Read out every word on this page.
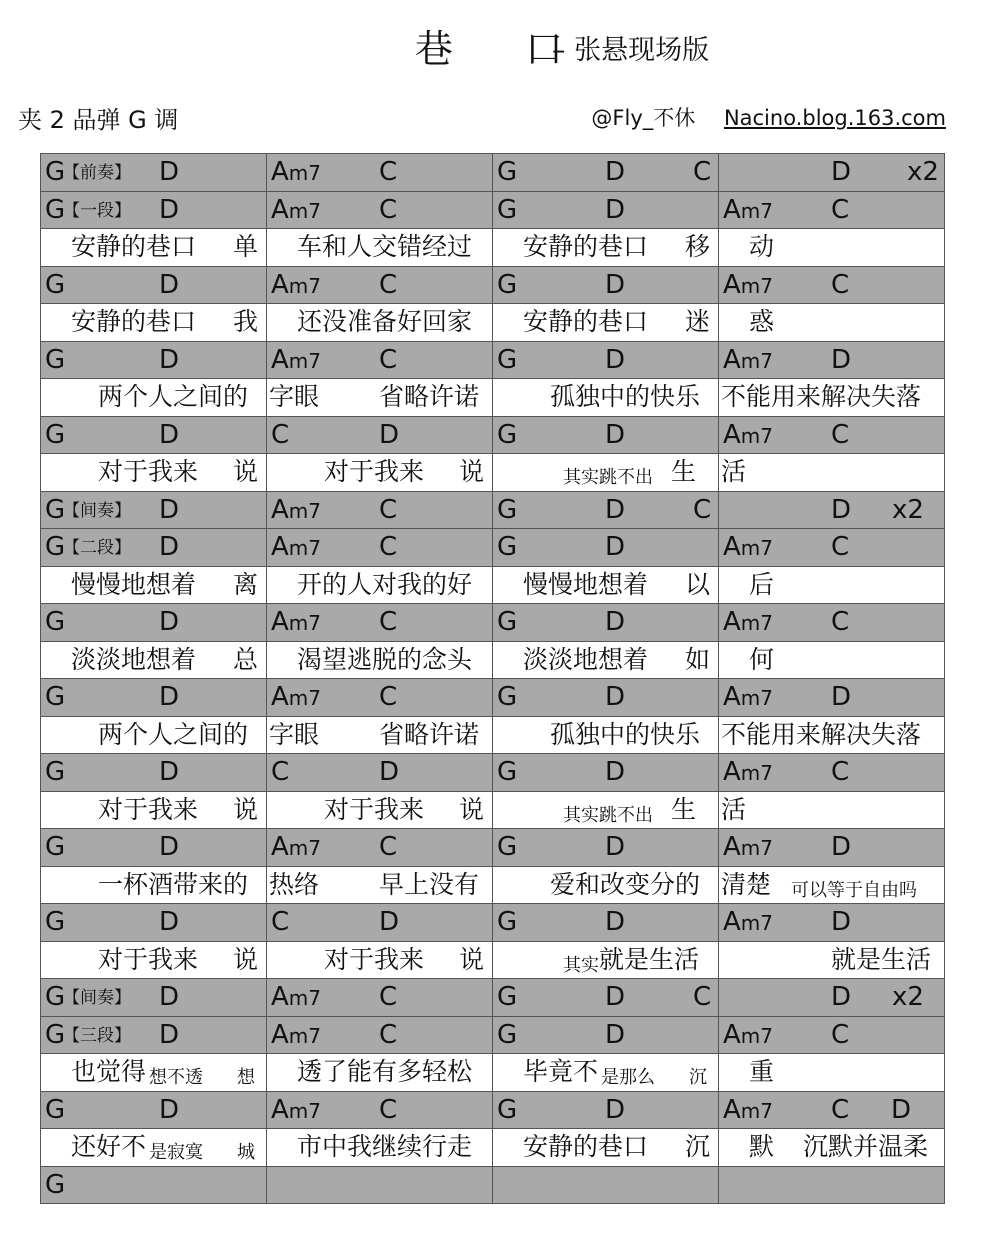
巷 口
– 张悬现场版
夹 2 品弹 G 调	@Fly_不休 Nacino.blog.163.com
【前奏】
G D	Am7 C	G D C	D x2

【一段】
G D	Am7 C	G D	Am7 C

安静的巷口 单	车和人交错经过	安静的巷口 移	动

G D	Am7 C	G D	Am7 C

安静的巷口 我	还没准备好回家	安静的巷口 迷	惑

G D	Am7 C	G D	Am7 D

两个人之间的	字眼 省略许诺	孤独中的快乐	不能用来解决失落

G D	C D	G D	Am7 C

对于我来 说	对于我来 说	其实跳不出 生	活

【间奏】
G D	Am7 C	G D C	D x2

【二段】
G D	Am7 C	G D	Am7 C

慢慢地想着 离	开的人对我的好	慢慢地想着 以	后

G D	Am7 C	G D	Am7 C

淡淡地想着 总	渴望逃脱的念头	淡淡地想着 如	何

G D	Am7 C	G D	Am7 D

两个人之间的	字眼 省略许诺	孤独中的快乐	不能用来解决失落

G D	C D	G D	Am7 C

对于我来 说	对于我来 说	其实跳不出 生	活

G D	Am7 C	G D	Am7 D

一杯酒带来的	热络 早上没有	爱和改变分的	清楚 可以等于自由吗

G D	C D	G D	Am7 D

对于我来 说	对于我来 说	其实 就是生活	就是生活

【间奏】
G D	Am7 C	G D C	D x2

【三段】
G D	Am7 C	G D	Am7 C

也觉得 想不透 想	透了能有多轻松	毕竟不 是那么 沉	重

G D	Am7 C	G D	Am7 C D

还好不 是寂寞 城	市中我继续行走	安静的巷口 沉	默 沉默并温柔

G			
